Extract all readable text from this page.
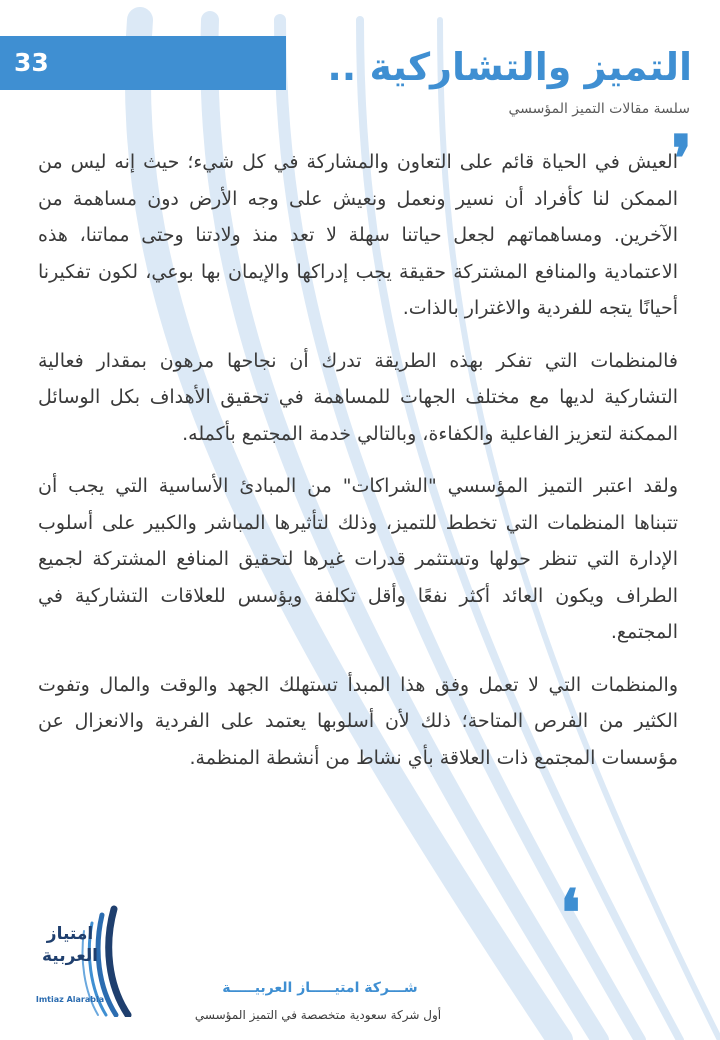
33	التميز والتشاركية ..
سلسة مقالات التميز المؤسسي
❜

العيش في الحياة قائم على التعاون والمشاركة في كل شيء؛ حيث إنه ليس من الممكن لنا كأفراد أن نسير ونعمل ونعيش على وجه الأرض دون مساهمة من الآخرين. ومساهماتهم لجعل حياتنا سهلة لا تعد منذ ولادتنا وحتى مماتنا، هذه الاعتمادية والمنافع المشتركة حقيقة يجب إدراكها والإيمان بها بوعي، لكون تفكيرنا أحيانًا يتجه للفردية والاغترار بالذات.

فالمنظمات التي تفكر بهذه الطريقة تدرك أن نجاحها مرهون بمقدار فعالية التشاركية لديها مع مختلف الجهات للمساهمة في تحقيق الأهداف بكل الوسائل الممكنة لتعزيز الفاعلية والكفاءة، وبالتالي خدمة المجتمع بأكمله.

ولقد اعتبر التميز المؤسسي "الشراكات" من المبادئ الأساسية التي يجب أن تتبناها المنظمات التي تخطط للتميز، وذلك لتأثيرها المباشر والكبير على أسلوب الإدارة التي تنظر حولها وتستثمر قدرات غيرها لتحقيق المنافع المشتركة لجميع الطراف ويكون العائد أكثر نفعًا وأقل تكلفة ويؤسس للعلاقات التشاركية في المجتمع.

والمنظمات التي لا تعمل وفق هذا المبدأ تستهلك الجهد والوقت والمال وتفوت الكثير من الفرص المتاحة؛ ذلك لأن أسلوبها يعتمد على الفردية والانعزال عن مؤسسات المجتمع ذات العلاقة بأي نشاط من أنشطة المنظمة.

❛
امتياز
العربية
Imtiaz Alarabia
شـــركة امتيـــــاز العربيـــــة
أول شركة سعودية متخصصة في التميز المؤسسي
